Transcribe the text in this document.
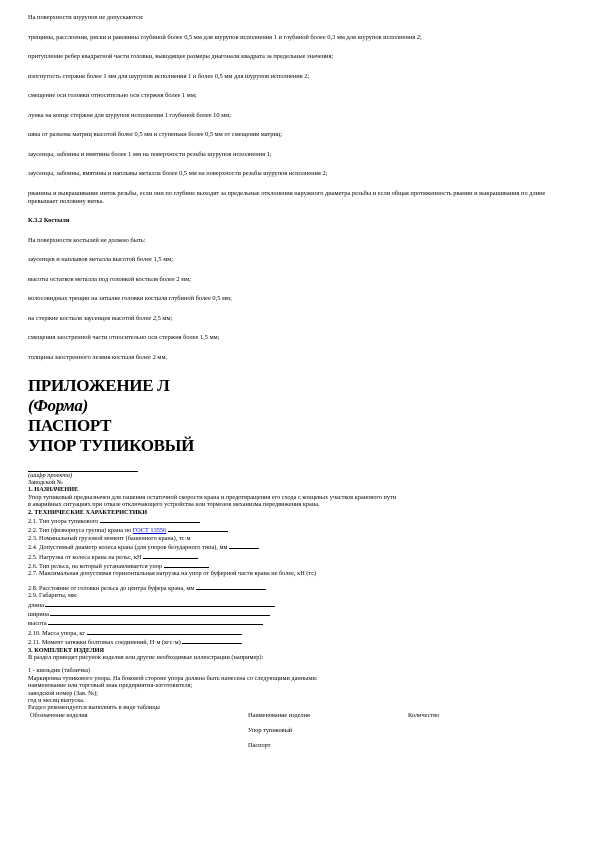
На поверхности шурупов не допускаются:

трещины, расслоения, риски и раковины глубиной более 0,5 мм для шурупов исполнения 1 и глубиной более 0,3 мм для шурупов исполнения 2;

притупление ребер квадратной части головки, выводящее размеры диагонали квадрата за предельные значения;

изогнутость стержня более 1 мм для шурупов исполнения 1 и более 0,5 мм для шурупов исполнения 2;

смещение оси головки относительно оси стержня более 1 мм;

лунка на конце стержня для шурупов исполнения 1 глубиной более 10 мм;

швы от разъема матриц высотой более 0,5 мм и ступеньки более 0,5 мм от смещения матриц;

заусенцы, забоины и вмятины более 1 мм на поверхности резьбы шурупов исполнения 1;

заусенцы, забоины, вмятины и наплывы металла более 0,5 мм на поверхности резьбы шурупов исполнения 2;

рванины и выкрашивание ниток резьбы, если они по глубине выходят за предельные отклонения наружного диаметра резьбы и если общая протяженность рванин и выкрашивания по длине превышает половину витка.

К.3.2 Костыли

На поверхности костылей не должно быть:

заусенцев и наплывов металла высотой более 1,5 мм;

высоты остатков металла под головкой костыля более 2 мм;

волосовидных трещин на затылке головки костыля глубиной более 0,5 мм;

на стержне костыля заусенцев высотой более 2,5 мм;

смещения заостренной части относительно оси стержня более 1,5 мм;

толщины заостренного лезвия костыля более 2 мм.

ПРИЛОЖЕНИЕ Л

(Форма)

ПАСПОРТ

УПОР ТУПИКОВЫЙ

(шифр проекта)

Заводской №

1. НАЗНАЧЕНИЕ

Упор тупиковый предназначен для гашения остаточной скорости крана и предотвращения его схода с концевых участков кранового пути

в аварийных ситуациях при отказе отключающего устройства или тормозов механизма передвижения крана.

2. ТЕХНИЧЕСКИЕ ХАРАКТЕРИСТИКИ

2.1. Тип упора тупикового

2.2. Тип (физкорпуса группа) крана по ГОСТ 13556

2.3. Номинальный грузовой момент (башенного крана), тс·м

2.4. Допустимый диаметр колеса крана (для упоров безударного типа), мм

2.5. Нагрузка от колеса крана на рельс, кН

2.6. Тип рельса, на который устанавливается упор

2.7. Максимальная допустимая горизонтальная нагрузка на упор от буферной части крана не более, кН (тс)

2.8. Расстояние от головки рельса до центра буфера крана, мм

2.9. Габариты, мм:

длина

ширина

высота

2.10. Масса упора, кг

2.11. Момент затяжки болтовых соединений, Н·м (кгс·м)

3. КОМПЛЕКТ ИЗДЕЛИЯ

В раздел приводят рисунок изделия или другие необходимые иллюстрации (например):

1 - шильдик (табличка)

Маркировка тупикового упора. На боковой стороне упора должна быть нанесена со следующими данными:

наименование или торговый знак предприятия-изготовителя;

заводской номер (Зав. №);

год и месяц выпуска.

Раздел рекомендуется выполнять в виде таблицы

Обозначение изделия	Наименование изделия	Количество
Упор тупиковый
Паспорт
